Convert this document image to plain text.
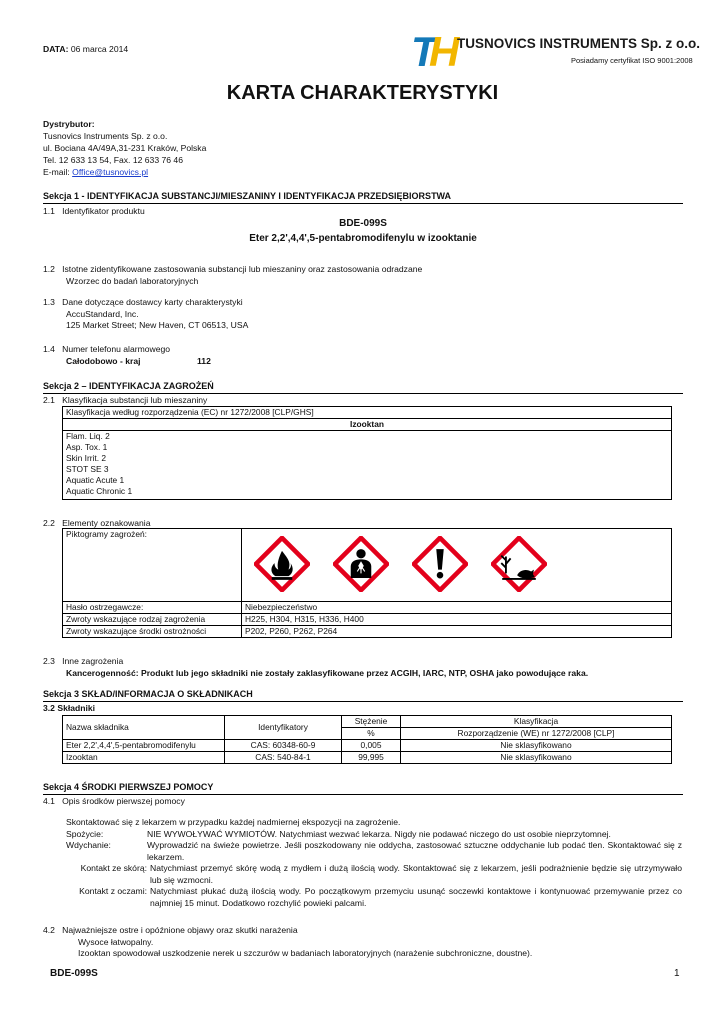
DATA: 06 marca 2014	T
H
TUSNOVICS INSTRUMENTS Sp. z o.o.
Posiadamy certyfikat ISO 9001:2008
KARTA CHARAKTERYSTYKI
Dystrybutor:
Tusnovics Instruments Sp. z o.o.
ul. Bociana 4A/49A,31-231 Kraków, Polska
Tel. 12 633 13 54, Fax. 12 633 76 46
E-mail: Office@tusnovics.pl
Sekcja 1 - IDENTYFIKACJA SUBSTANCJI/MIESZANINY I IDENTYFIKACJA PRZEDSIĘBIORSTWA
1.1 Identyfikator produktu
BDE-099S
Eter 2,2',4,4',5-pentabromodifenylu w izooktanie
1.2 Istotne zidentyfikowane zastosowania substancji lub mieszaniny oraz zastosowania odradzane
Wzorzec do badań laboratoryjnych
1.3 Dane dotyczące dostawcy karty charakterystyki
AccuStandard, Inc.
125 Market Street; New Haven, CT 06513, USA
1.4 Numer telefonu alarmowego
Całodobowo - kraj	112
Sekcja 2 – IDENTYFIKACJA ZAGROŻEŃ
2.1 Klasyfikacja substancji lub mieszaniny
Klasyfikacja według rozporządzenia (EC) nr 1272/2008 [CLP/GHS]
Izooktan

Flam. Liq. 2
Asp. Tox. 1
Skin Irrit. 2
STOT SE 3
Aquatic Acute 1
Aquatic Chronic 1
2.2 Elementy oznakowania
Piktogramy zagrożeń:	
Hasło ostrzegawcze:	Niebezpieczeństwo
Zwroty wskazujące rodzaj zagrożenia	H225, H304, H315, H336, H400
Zwroty wskazujące środki ostrożności	P202, P260, P262, P264
2.3 Inne zagrożenia
Kancerogenność: Produkt lub jego składniki nie zostały zaklasyfikowane przez ACGIH, IARC, NTP, OSHA jako powodujące raka.
Sekcja 3 SKŁAD/INFORMACJA O SKŁADNIKACH
3.2 Składniki
Nazwa składnika	Identyfikatory	Stężenie	Klasyfikacja
		%	Rozporządzenie (WE) nr 1272/2008 [CLP]
Eter 2,2',4,4',5-pentabromodifenylu	CAS: 60348-60-9	0,005	Nie sklasyfikowano
Izooktan	CAS: 540-84-1	99,995	Nie sklasyfikowano
Sekcja 4 ŚRODKI PIERWSZEJ POMOCY
4.1 Opis środków pierwszej pomocy
Skontaktować się z lekarzem w przypadku każdej nadmiernej ekspozycji na zagrożenie.
Spożycie:	NIE WYWOŁYWAĆ WYMIOTÓW. Natychmiast wezwać lekarza. Nigdy nie podawać niczego do ust osobie nieprzytomnej.
Wdychanie:	Wyprowadzić na świeże powietrze. Jeśli poszkodowany nie oddycha, zastosować sztuczne oddychanie lub podać tlen. Skontaktować się z lekarzem.
Kontakt ze skórą: Natychmiast przemyć skórę wodą z mydłem i dużą ilością wody. Skontaktować się z lekarzem, jeśli podrażnienie będzie się utrzymywało lub się wzmocni.
Kontakt z oczami: Natychmiast płukać dużą ilością wody. Po początkowym przemyciu usunąć soczewki kontaktowe i kontynuować przemywanie przez co najmniej 15 minut. Dodatkowo rozchylić powieki palcami.
4.2 Najważniejsze ostre i opóźnione objawy oraz skutki narażenia
Wysoce łatwopalny.
Izooktan spowodował uszkodzenie nerek u szczurów w badaniach laboratoryjnych (narażenie subchroniczne, doustne).
BDE-099S	1
